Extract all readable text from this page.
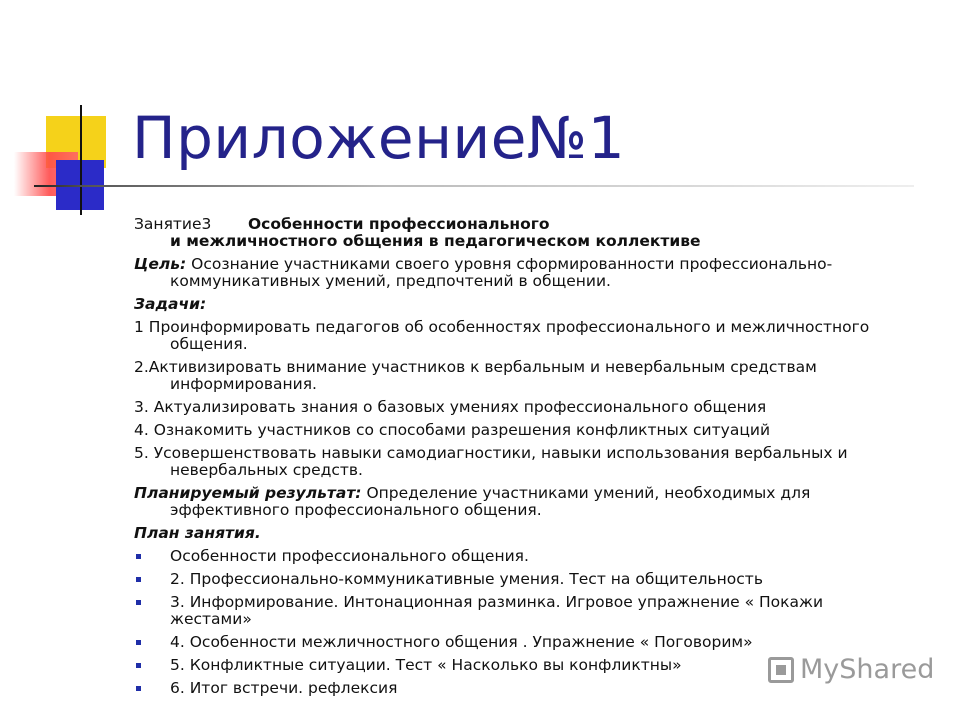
Приложение№1
Занятие3 Особенности профессионального
и межличностного общения в педагогическом коллективе
Цель: Осознание участниками своего уровня сформированности профессионально-коммуникативных умений, предпочтений в общении.
Задачи:
1 Проинформировать педагогов об особенностях профессионального и межличностного общения.
2.Активизировать внимание участников к вербальным и невербальным средствам информирования.
3. Актуализировать знания о базовых умениях профессионального общения
4. Ознакомить участников со способами разрешения конфликтных ситуаций
5. Усовершенствовать навыки самодиагностики, навыки использования вербальных и невербальных средств.
Планируемый результат: Определение участниками умений, необходимых для эффективного профессионального общения.
План занятия.
Особенности профессионального общения.
2. Профессионально-коммуникативные умения. Тест на общительность
3. Информирование. Интонационная разминка. Игровое упражнение « Покажи жестами»
4. Особенности межличностного общения . Упражнение « Поговорим»
5. Конфликтные ситуации. Тест « Насколько вы конфликтны»
6. Итог встречи. рефлексия
MyShared
